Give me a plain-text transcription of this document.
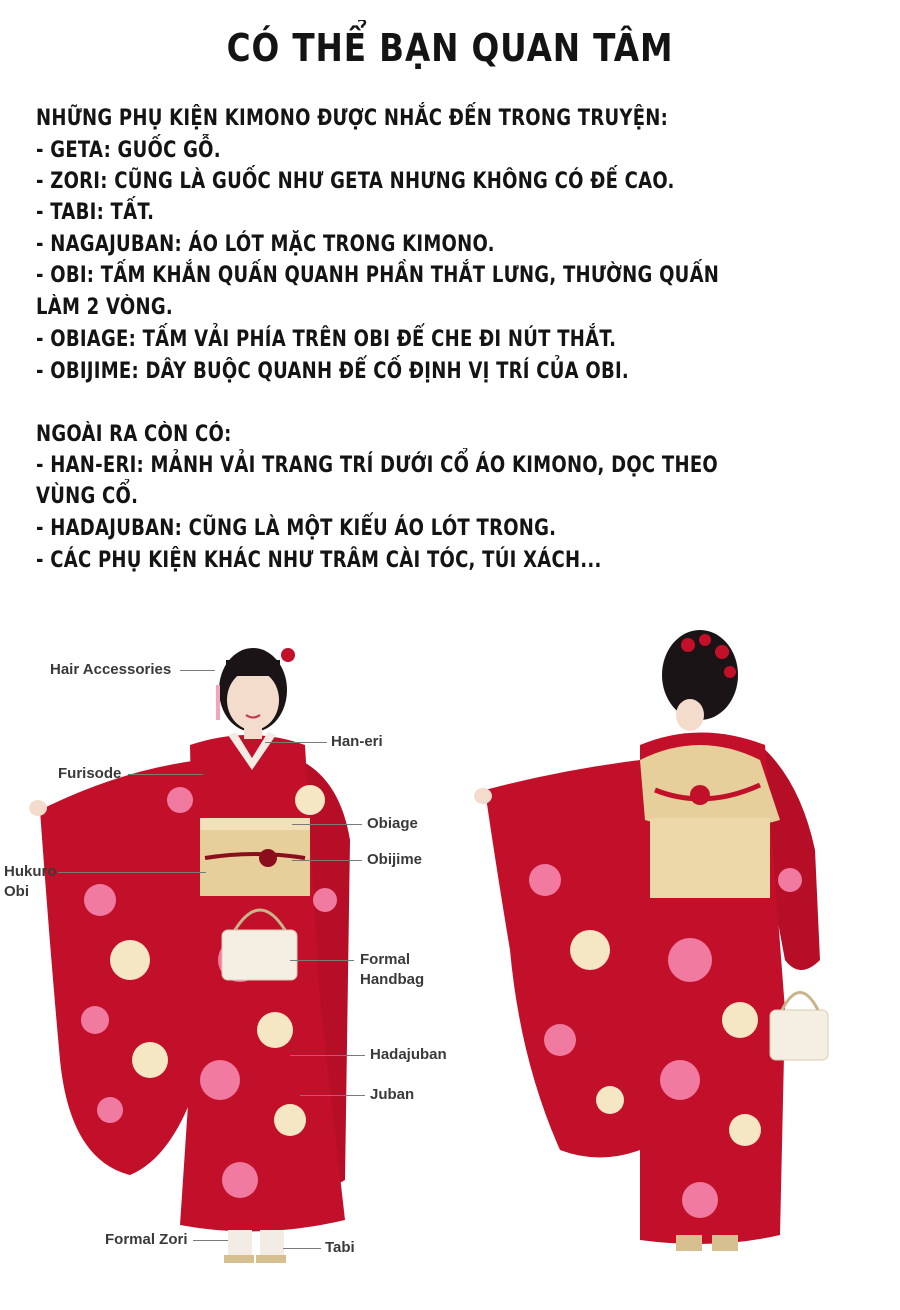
CÓ THỂ BẠN QUAN TÂM
NHỮNG PHỤ KIỆN KIMONO ĐƯỢC NHẮC ĐẾN TRONG TRUYỆN:
- GETA: GUỐC GỖ.
- ZORI: CŨNG LÀ GUỐC NHƯ GETA NHƯNG KHÔNG CÓ ĐẾ CAO.
- TABI: TẤT.
- NAGAJUBAN: ÁO LÓT MẶC TRONG KIMONO.
- OBI: TẤM KHẮN QUẤN QUANH PHẦN THẮT LƯNG, THƯỜNG QUẤN
LÀM 2 VÒNG.
- OBIAGE: TẤM VẢI PHÍA TRÊN OBI ĐỂ CHE ĐI NÚT THẮT.
- OBIJIME: DÂY BUỘC QUANH ĐỂ CỐ ĐỊNH VỊ TRÍ CỦA OBI.
NGOÀI RA CÒN CÓ:
- HAN-ERI: MẢNH VẢI TRANG TRÍ DƯỚI CỔ ÁO KIMONO, DỌC THEO
VÙNG CỔ.
- HADAJUBAN: CŨNG LÀ MỘT KIỂU ÁO LÓT TRONG.
- CÁC PHỤ KIỆN KHÁC NHƯ TRÂM CÀI TÓC, TÚI XÁCH...
Hair Accessories
Han-eri
Furisode
Obiage
Obijime
Hukuro
Obi
Formal
Handbag
Hadajuban
Juban
Formal Zori	Tabi
